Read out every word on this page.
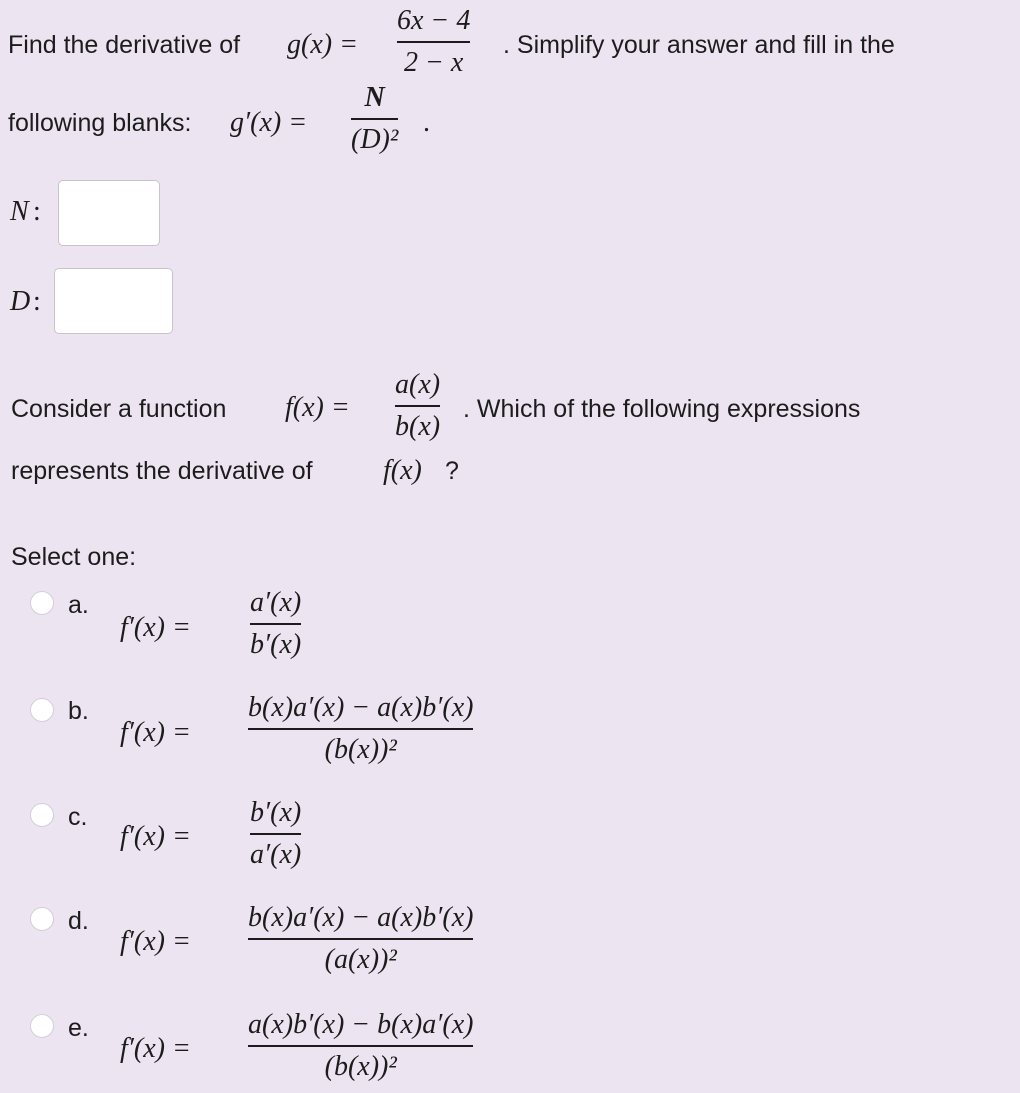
Find the derivative of g(x) =
6x − 4
2 − x
. Simplify your answer and fill in the
following blanks: g′(x) =
N
(D)²
.
N :
D :
Consider a function f(x) =
a(x)
b(x)
. Which of the following expressions
represents the derivative of	f(x) ?
Select one:
a.
f′(x) =
a′(x)
b′(x)
b.
f′(x) =
b(x)a′(x) − a(x)b′(x)
(b(x))²
c.
f′(x) =
b′(x)
a′(x)
d.
f′(x) =
b(x)a′(x) − a(x)b′(x)
(a(x))²
e.
f′(x) =
a(x)b′(x) − b(x)a′(x)
(b(x))²
